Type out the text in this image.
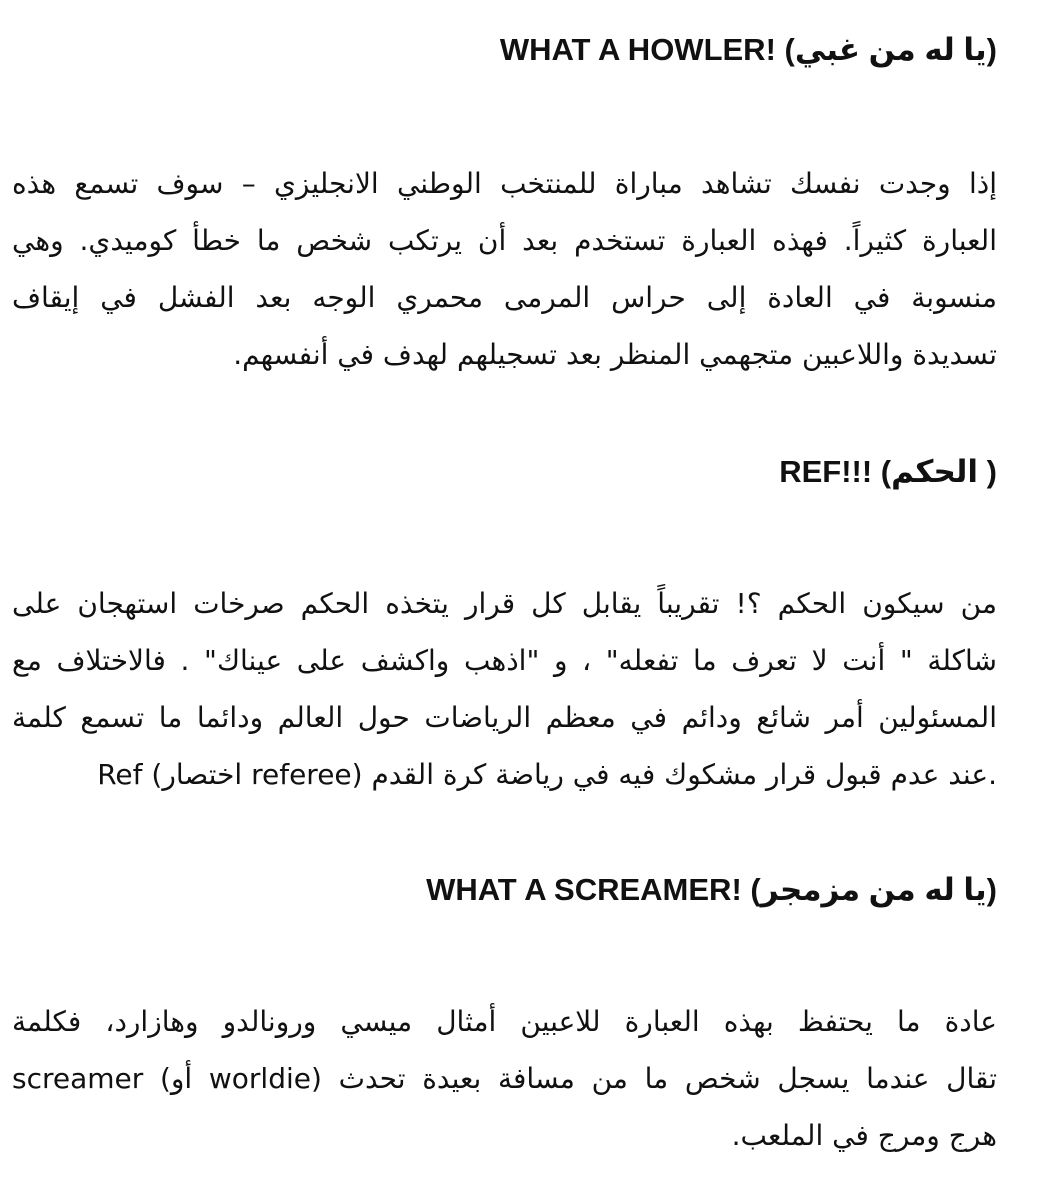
WHAT A HOWLER! (يا له من غبي)
إذا وجدت نفسك تشاهد مباراة للمنتخب الوطني الانجليزي – سوف تسمع هذه
العبارة كثيراً. فهذه العبارة تستخدم بعد أن يرتكب شخص ما خطأ كوميدي. وهي
منسوبة في العادة إلى حراس المرمى محمري الوجه بعد الفشل في إيقاف
تسديدة واللاعبين متجهمي المنظر بعد تسجيلهم لهدف في أنفسهم.
REF!!! (الحكم )
من سيكون الحكم ؟! تقريباً يقابل كل قرار يتخذه الحكم صرخات استهجان على
شاكلة " أنت لا تعرف ما تفعله" ، و "اذهب واكشف على عيناك" . فالاختلاف مع
المسئولين أمر شائع ودائم في معظم الرياضات حول العالم ودائما ما تسمع كلمة
Ref (اختصار referee) عند عدم قبول قرار مشكوك فيه في رياضة كرة القدم.
WHAT A SCREAMER! (يا له من مزمجر)
عادة ما يحتفظ بهذه العبارة للاعبين أمثال ميسي ورونالدو وهازارد، فكلمة
screamer (أو worldie) تقال عندما يسجل شخص ما من مسافة بعيدة تحدث
هرج ومرج في الملعب.
